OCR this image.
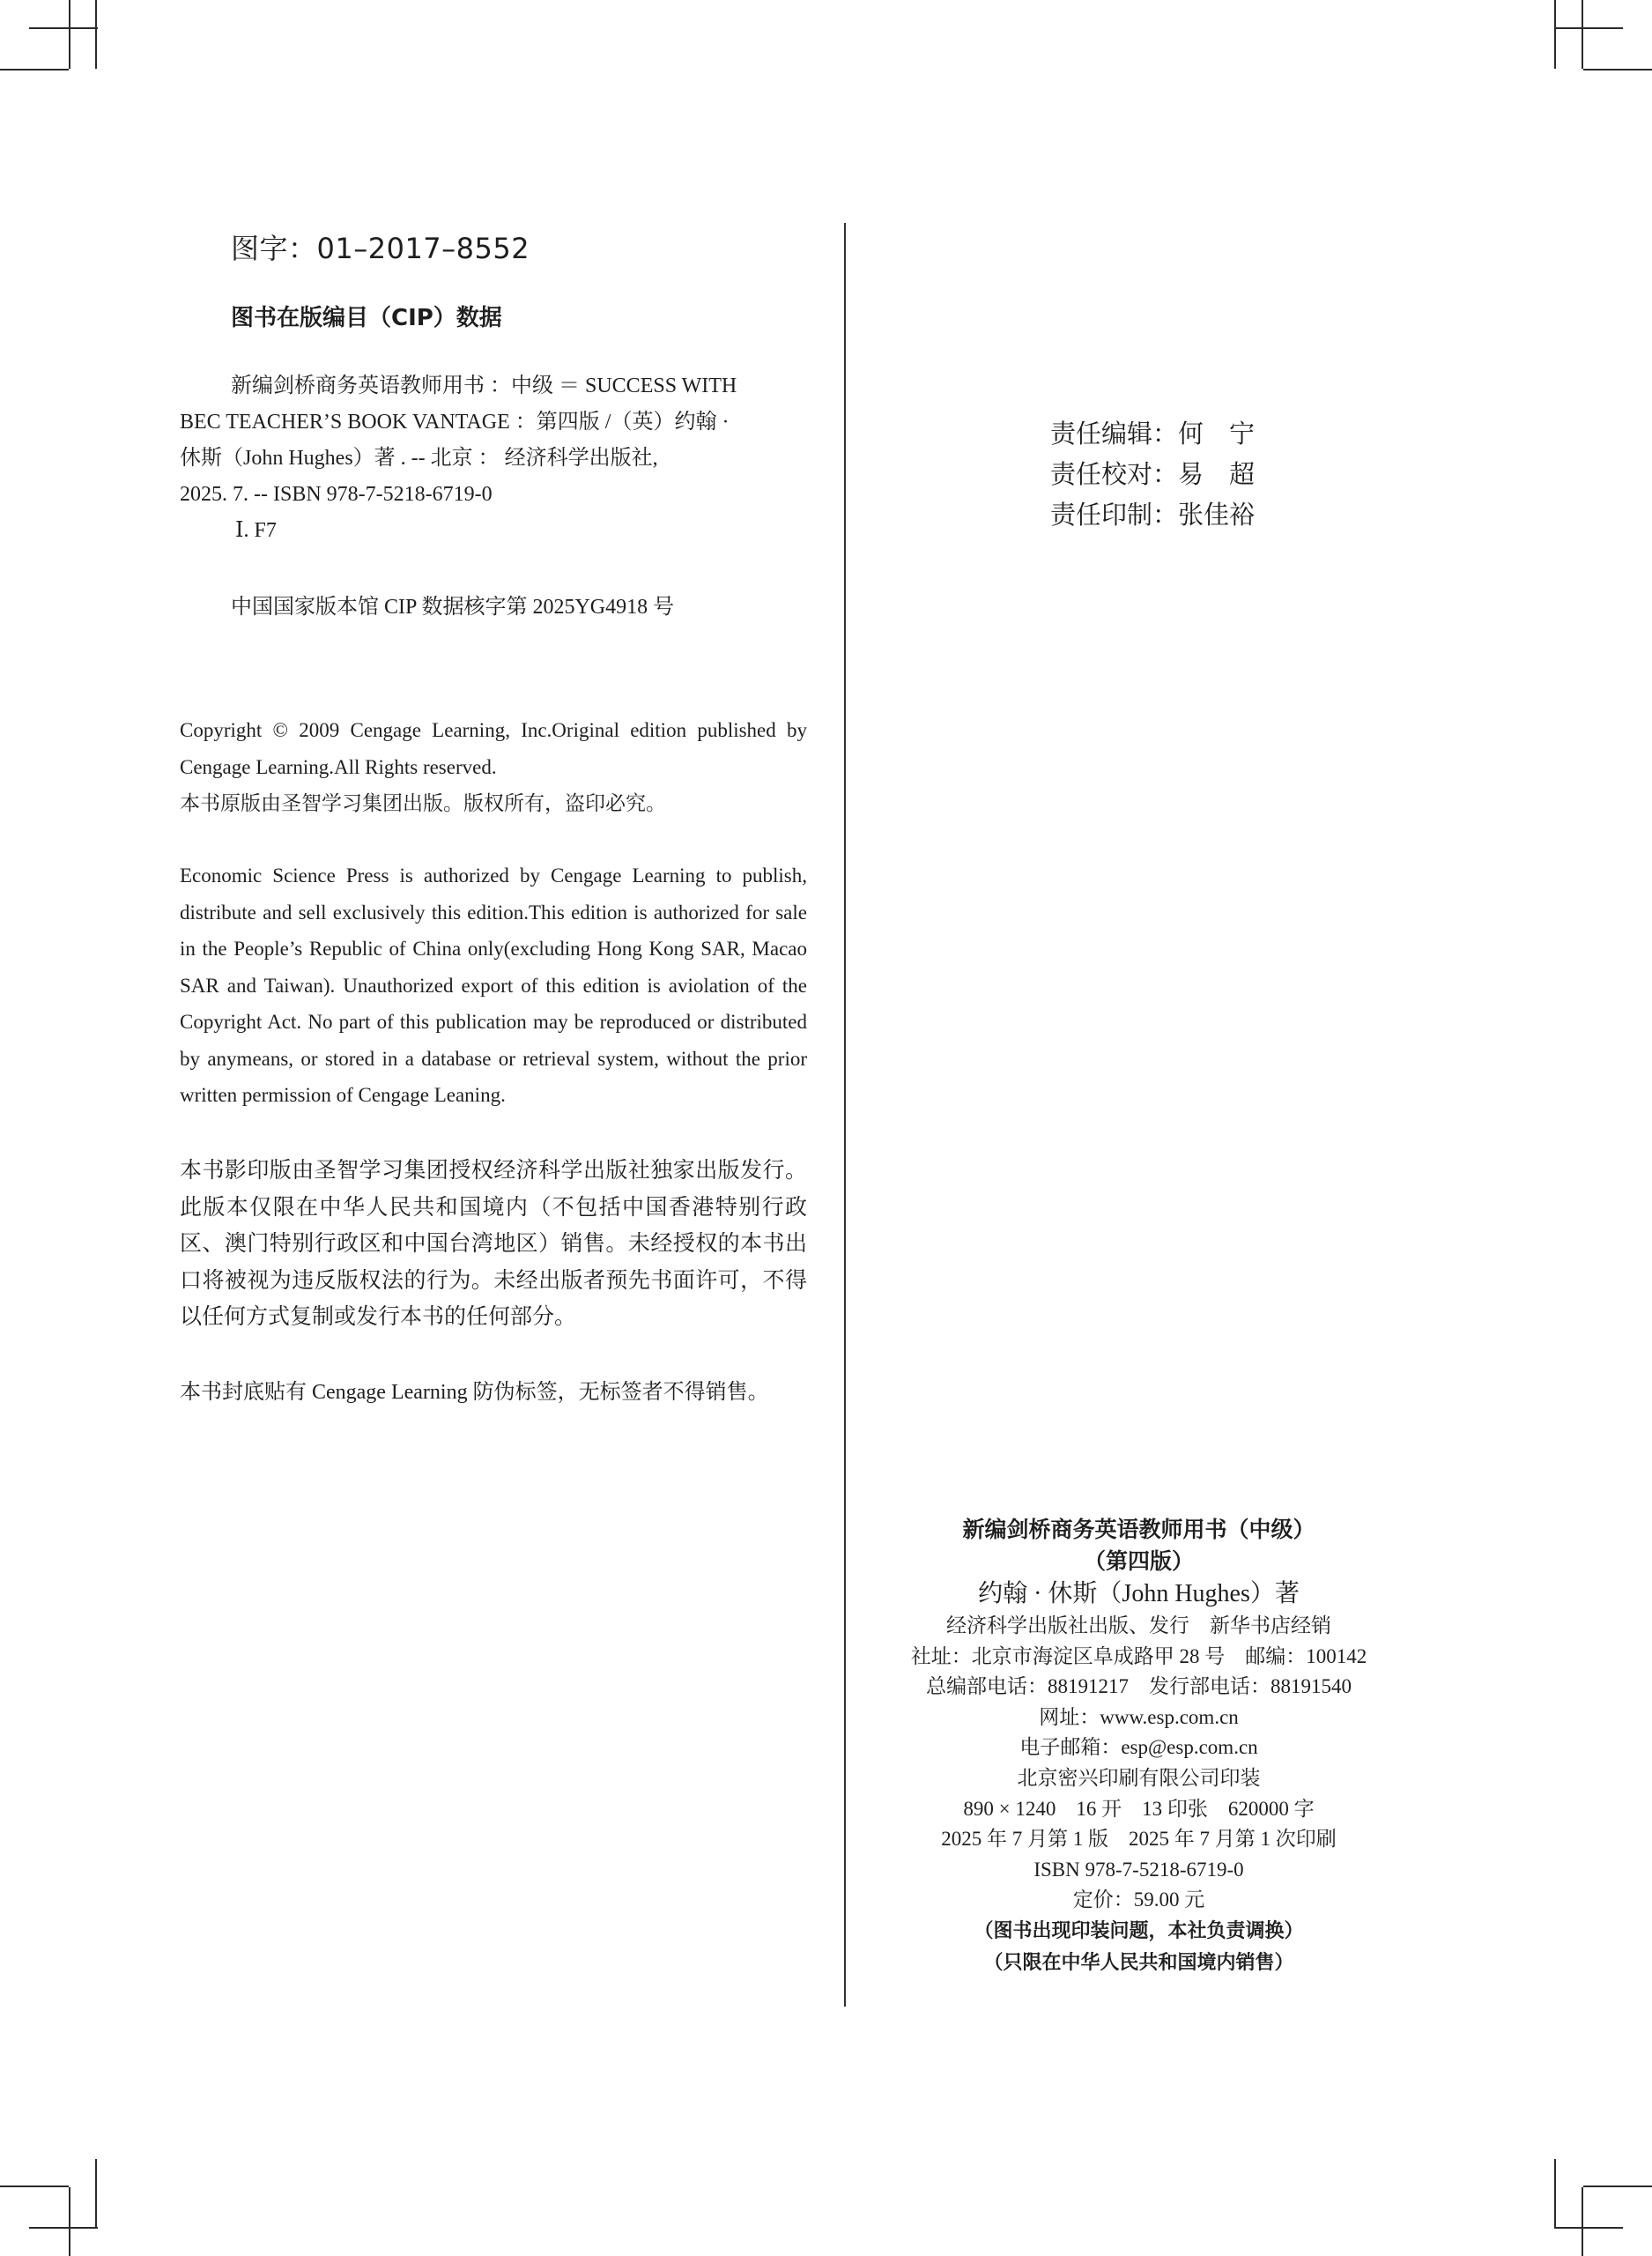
图字：01–2017–8552
图书在版编目（CIP）数据
新编剑桥商务英语教师用书 ：中级 ＝ SUCCESS WITH
BEC TEACHER’S BOOK VANTAGE ：第四版 /（英）约翰 ·
休斯（John Hughes）著 . -- 北京 ： 经济科学出版社,
2025. 7. -- ISBN 978-7-5218-6719-0
Ⅰ. F7
中国国家版本馆 CIP 数据核字第 2025YG4918 号

Copyright © 2009 Cengage Learning, Inc.Original edition published by Cengage Learning.All Rights reserved.

本书原版由圣智学习集团出版。版权所有，盗印必究。

Economic Science Press is authorized by Cengage Learning to publish, distribute and sell exclusively this edition.This edition is authorized for sale in the People’s Republic of China only(excluding Hong Kong SAR, Macao SAR and Taiwan). Unauthorized export of this edition is aviolation of the Copyright Act. No part of this publication may be reproduced or distributed by anymeans, or stored in a database or retrieval system, without the prior written permission of Cengage Leaning.

本书影印版由圣智学习集团授权经济科学出版社独家出版发行。此版本仅限在中华人民共和国境内（不包括中国香港特别行政区、澳门特别行政区和中国台湾地区）销售。未经授权的本书出口将被视为违反版权法的行为。未经出版者预先书面许可，不得以任何方式复制或发行本书的任何部分。

本书封底贴有 Cengage Learning 防伪标签，无标签者不得销售。

责任编辑：何　宁
责任校对：易　超
责任印制：张佳裕
新编剑桥商务英语教师用书（中级）
（第四版）
约翰 · 休斯（John Hughes）著
经济科学出版社出版、发行　新华书店经销
社址：北京市海淀区阜成路甲 28 号　邮编：100142
总编部电话：88191217　发行部电话：88191540
网址：www.esp.com.cn
电子邮箱：esp@esp.com.cn
北京密兴印刷有限公司印装
890 × 1240　16 开　13 印张　620000 字
2025 年 7 月第 1 版　2025 年 7 月第 1 次印刷
ISBN 978-7-5218-6719-0
定价：59.00 元
（图书出现印装问题，本社负责调换）
（只限在中华人民共和国境内销售）
